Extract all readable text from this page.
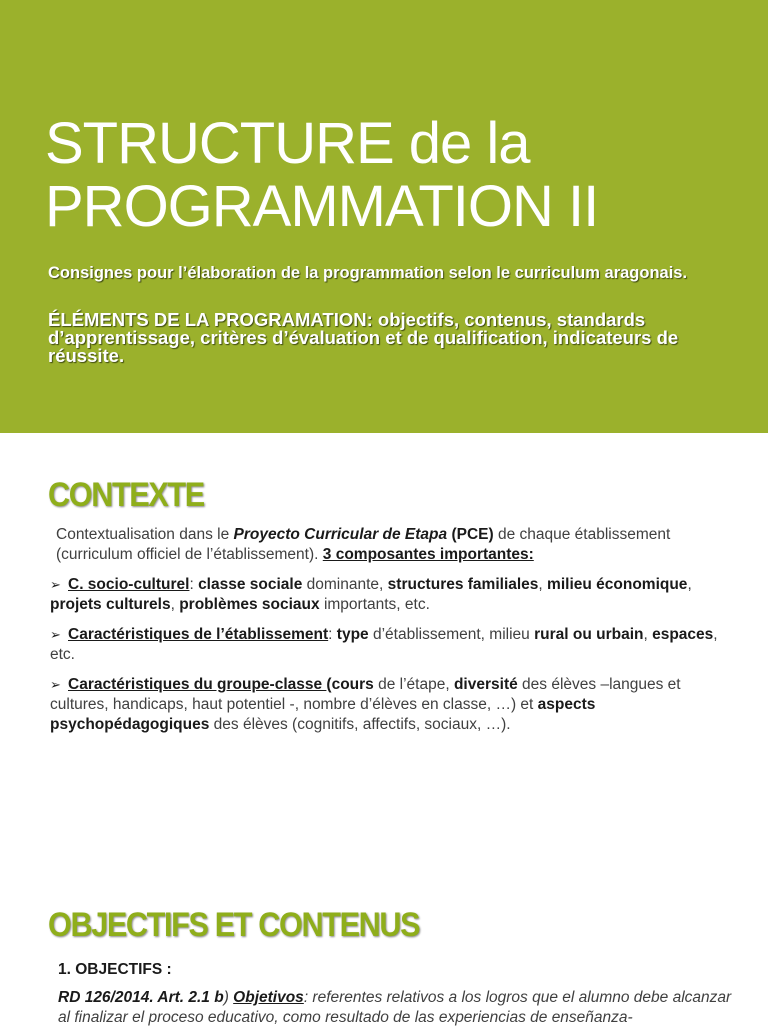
STRUCTURE de la
PROGRAMMATION II
Consignes pour l’élaboration de la programmation selon le curriculum aragonais.
ÉLÉMENTS DE LA PROGRAMATION: objectifs, contenus, standards d’apprentissage, critères d’évaluation et de qualification, indicateurs de réussite.
CONTEXTE
Contextualisation dans le Proyecto Curricular de Etapa (PCE) de chaque établissement (curriculum officiel de l’établissement). 3 composantes importantes:
➢ C. socio-culturel: classe sociale dominante, structures familiales, milieu économique, projets culturels, problèmes sociaux importants, etc.
➢ Caractéristiques de l’établissement: type d’établissement, milieu rural ou urbain, espaces, etc.
➢ Caractéristiques du groupe-classe (cours de l’étape, diversité des élèves –langues et cultures, handicaps, haut potentiel -, nombre d’élèves en classe, …) et aspects psychopédagogiques des élèves (cognitifs, affectifs, sociaux, …).
OBJECTIFS ET CONTENUS
1. OBJECTIFS :
RD 126/2014. Art. 2.1 b) Objetivos: referentes relativos a los logros que el alumno debe alcanzar al finalizar el proceso educativo, como resultado de las experiencias de enseñanza-
